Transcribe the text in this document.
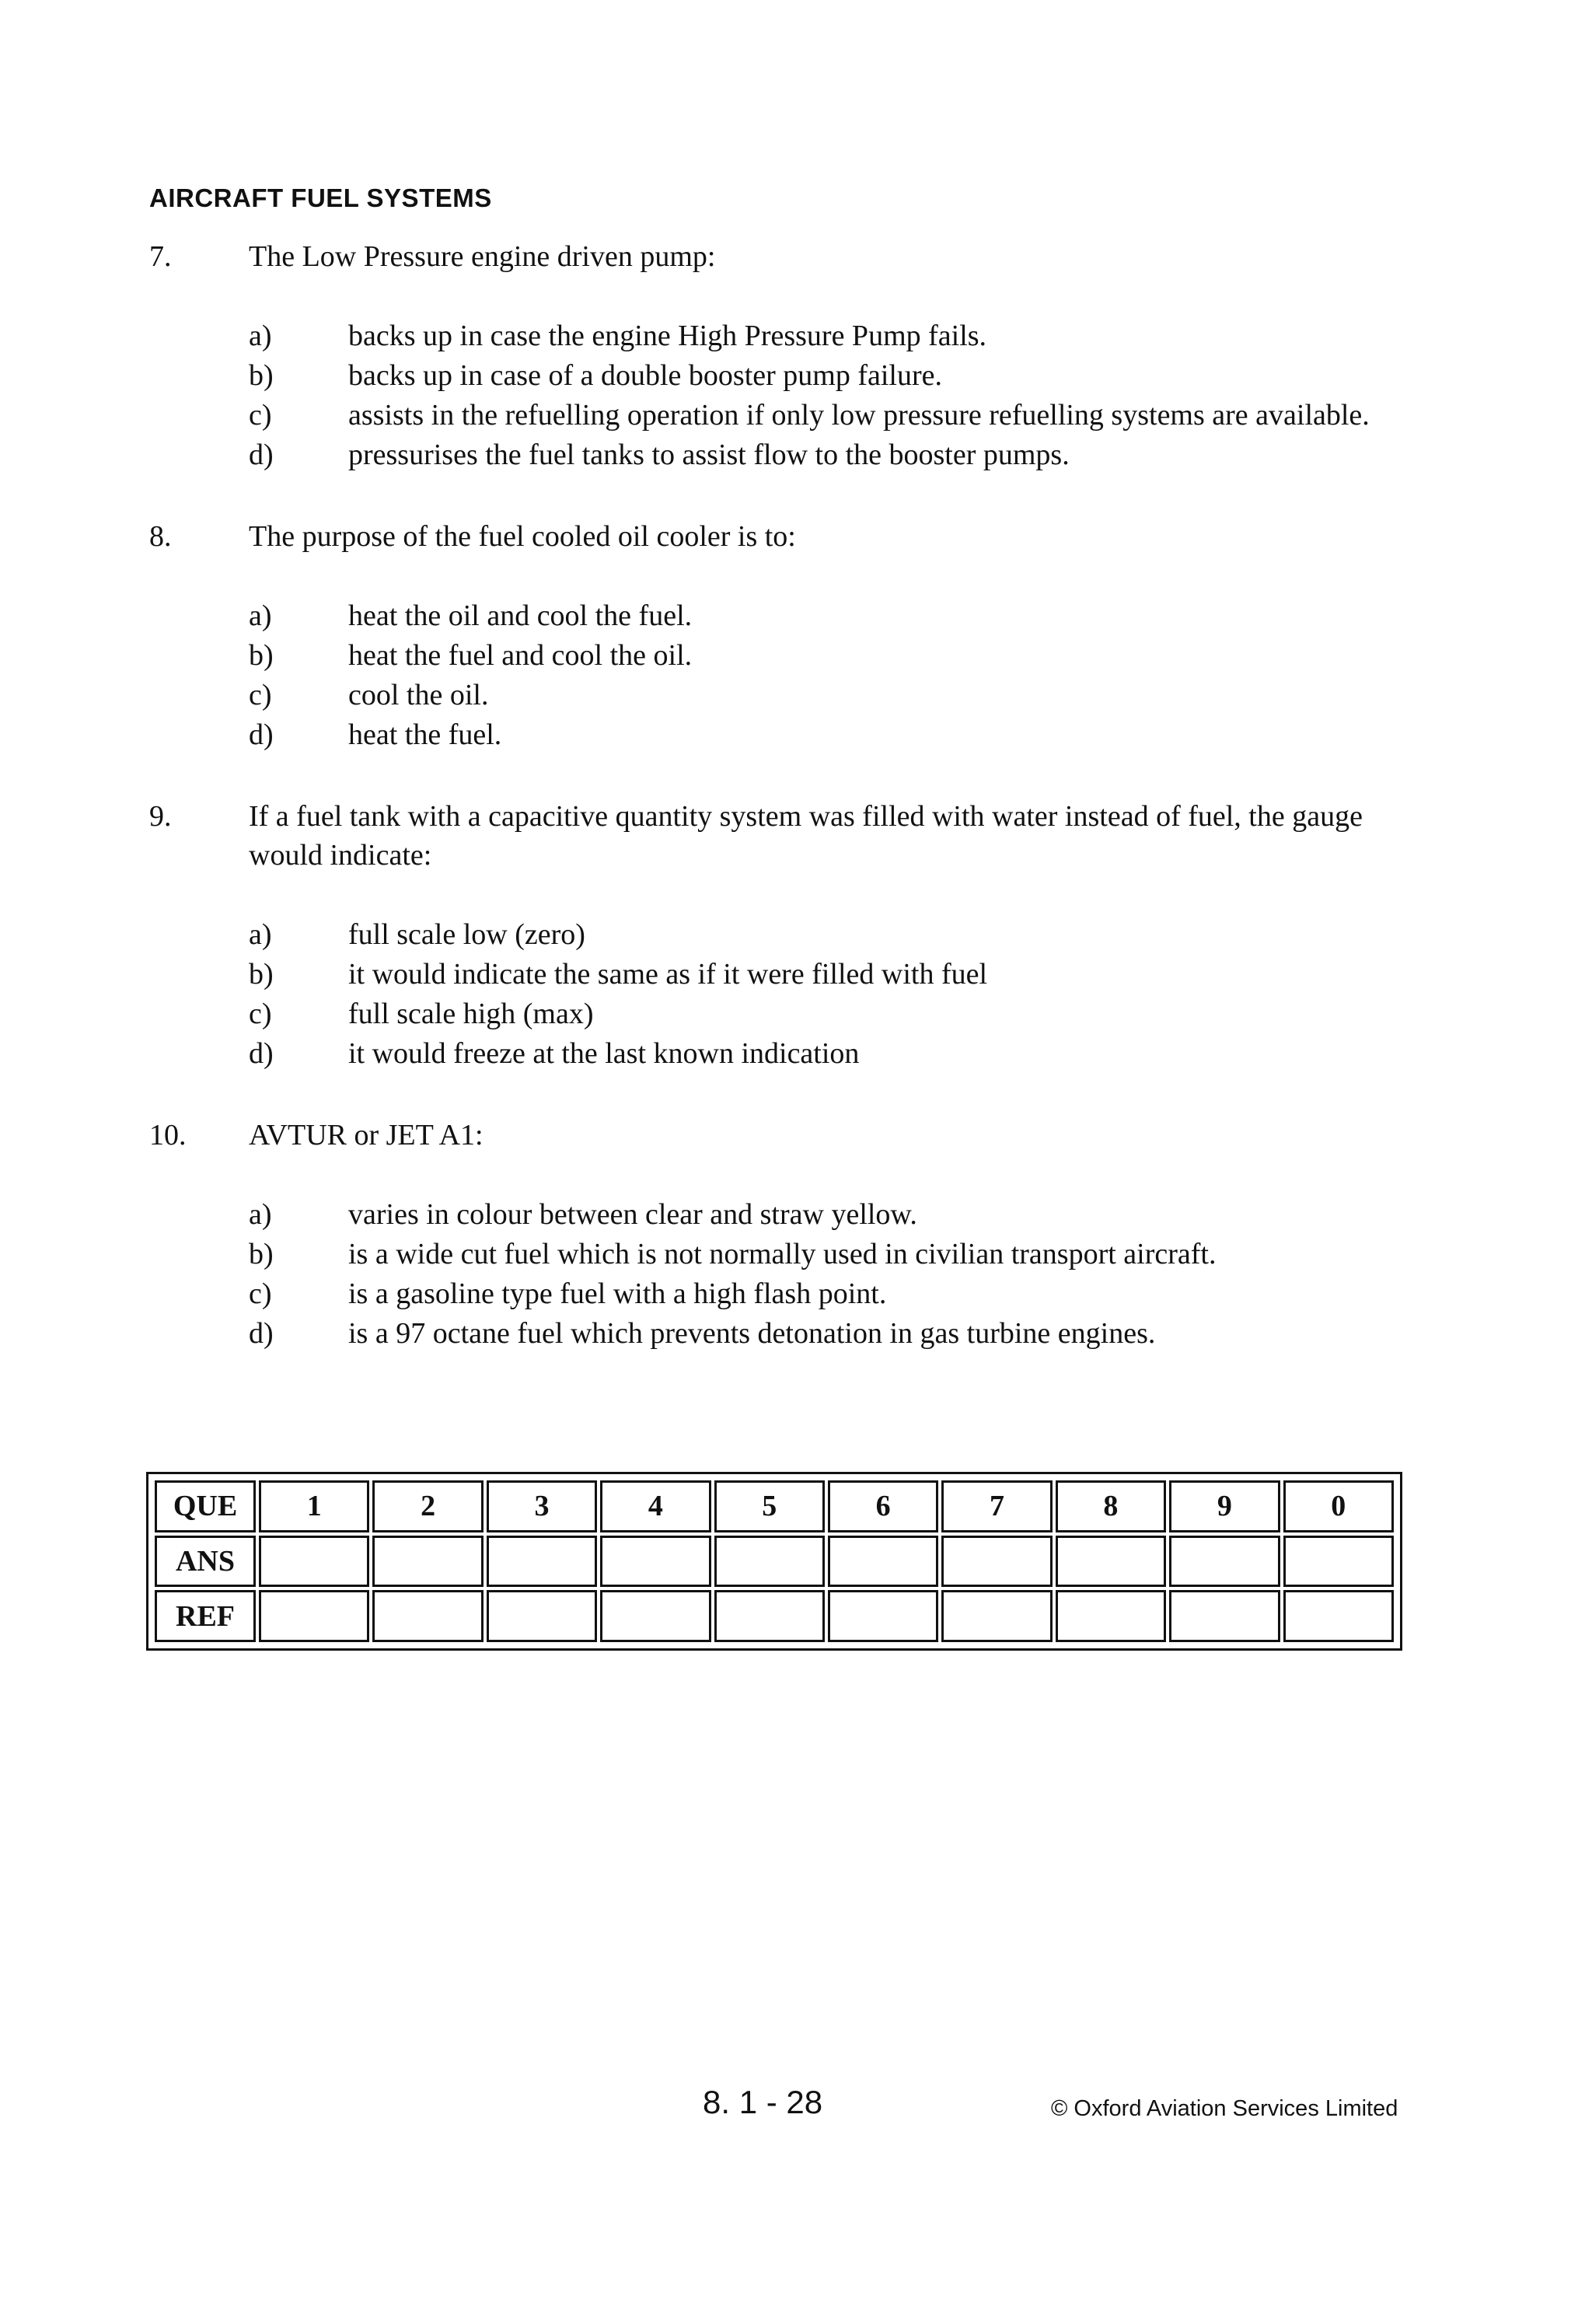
AIRCRAFT FUEL SYSTEMS
7.	The Low Pressure engine driven pump:
a)	backs up in case the engine High Pressure Pump fails.
b)	backs up in case of a double booster pump failure.
c)	assists in the refuelling operation if only low pressure refuelling systems are available.
d)	pressurises the fuel tanks to assist flow to the booster pumps.
8.	The purpose of the fuel cooled oil cooler is to:
a)	heat the oil and cool the fuel.
b)	heat the fuel and cool the oil.
c)	cool the oil.
d)	heat the fuel.
9.	If a fuel tank with a capacitive quantity system was filled with water instead of fuel, the gauge would indicate:
a)	full scale low (zero)
b)	it would indicate the same as if it were filled with fuel
c)	full scale high (max)
d)	it would freeze at the last known indication
10.	AVTUR or JET A1:
a)	varies in colour between clear and straw yellow.
b)	is a wide cut fuel which is not normally used in civilian transport aircraft.
c)	is a gasoline type fuel with a high flash point.
d)	is a 97 octane fuel which prevents detonation in gas turbine engines.
QUE	1	2	3	4	5	6	7	8	9	0
ANS										
REF										
8. 1 - 28	© Oxford Aviation Services Limited
